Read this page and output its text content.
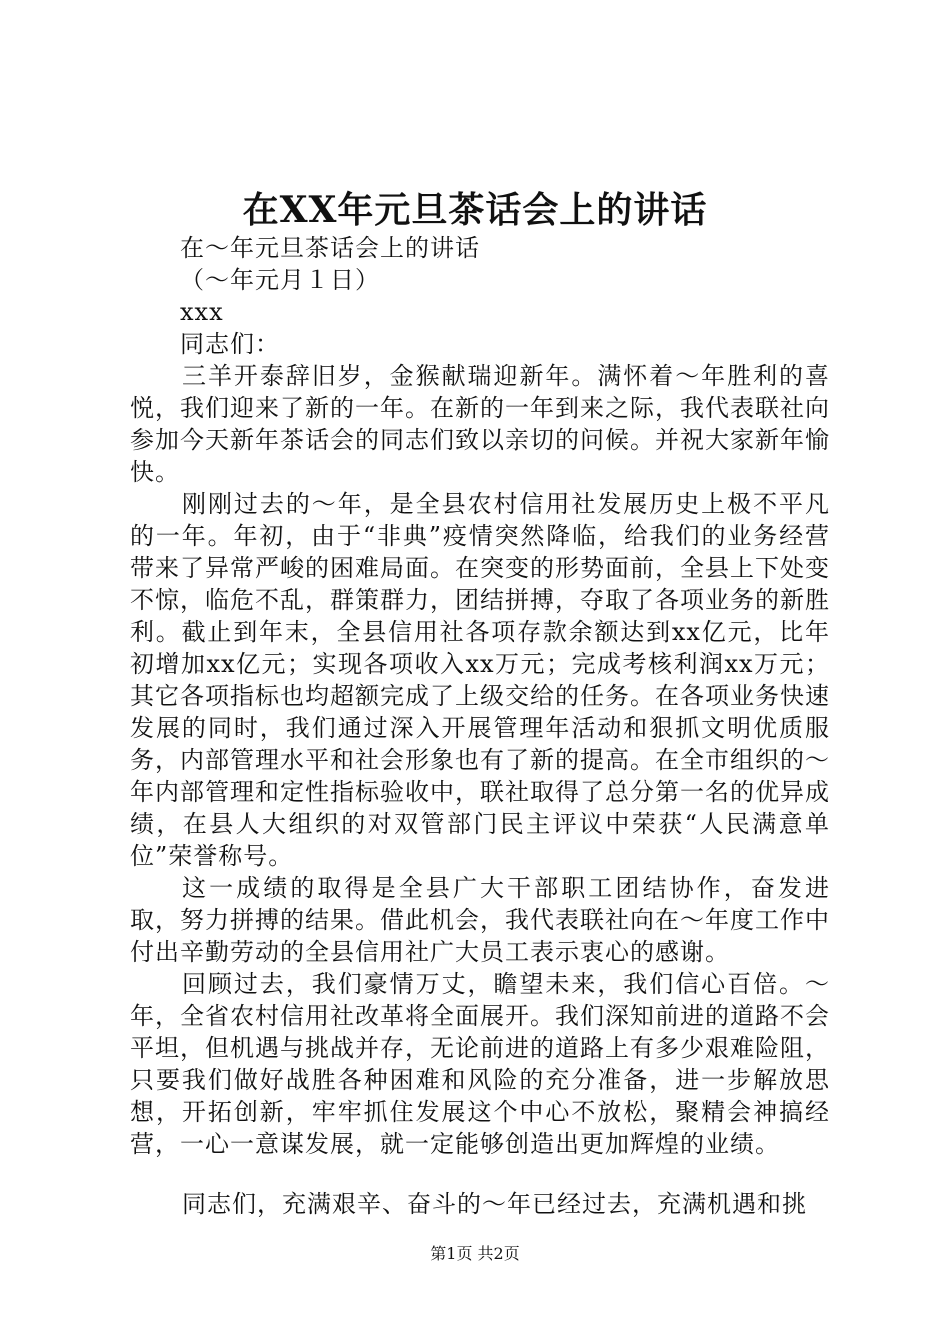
在XX年元旦茶话会上的讲话

在～年元旦茶话会上的讲话

（～年元月１日）

xxx

同志们：

三羊开泰辞旧岁，金猴献瑞迎新年。满怀着～年胜利的喜悦，我们迎来了新的一年。在新的一年到来之际，我代表联社向参加今天新年茶话会的同志们致以亲切的问候。并祝大家新年愉快。

刚刚过去的～年，是全县农村信用社发展历史上极不平凡的一年。年初，由于“非典”疫情突然降临，给我们的业务经营带来了异常严峻的困难局面。在突变的形势面前，全县上下处变不惊，临危不乱，群策群力，团结拼搏，夺取了各项业务的新胜利。截止到年末，全县信用社各项存款余额达到xx亿元，比年初增加xx亿元；实现各项收入xx万元；完成考核利润xx万元；其它各项指标也均超额完成了上级交给的任务。在各项业务快速发展的同时，我们通过深入开展管理年活动和狠抓文明优质服务，内部管理水平和社会形象也有了新的提高。在全市组织的～年内部管理和定性指标验收中，联社取得了总分第一名的优异成绩，在县人大组织的对双管部门民主评议中荣获“人民满意单位”荣誉称号。

这一成绩的取得是全县广大干部职工团结协作，奋发进取，努力拼搏的结果。借此机会，我代表联社向在～年度工作中付出辛勤劳动的全县信用社广大员工表示衷心的感谢。

回顾过去，我们豪情万丈，瞻望未来，我们信心百倍。～年，全省农村信用社改革将全面展开。我们深知前进的道路不会平坦，但机遇与挑战并存，无论前进的道路上有多少艰难险阻，只要我们做好战胜各种困难和风险的充分准备，进一步解放思想，开拓创新，牢牢抓住发展这个中心不放松，聚精会神搞经营，一心一意谋发展，就一定能够创造出更加辉煌的业绩。

同志们，充满艰辛、奋斗的～年已经过去，充满机遇和挑

第1页 共2页
